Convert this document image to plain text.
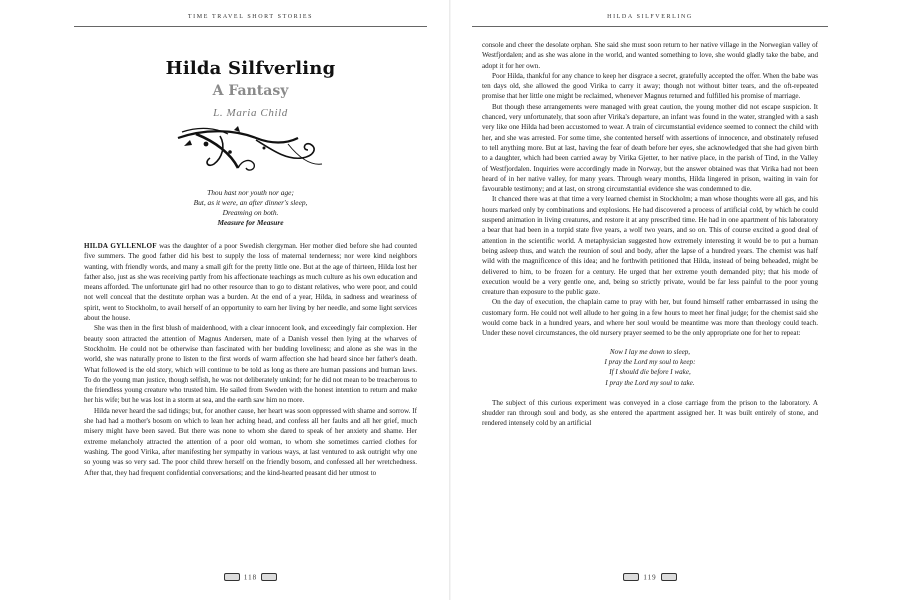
TIME TRAVEL SHORT STORIES
Hilda Silfverling
A Fantasy
L. Maria Child
Thou hast nor youth nor age;
But, as it were, an after dinner's sleep,
Dreaming on both.
Measure for Measure

HILDA GYLLENLOF was the daughter of a poor Swedish clergyman. Her mother died before she had counted five summers. The good father did his best to supply the loss of maternal tenderness; nor were kind neighbors wanting, with friendly words, and many a small gift for the pretty little one. But at the age of thirteen, Hilda lost her father also, just as she was receiving partly from his affectionate teachings as much culture as his own education and means afforded. The unfortunate girl had no other resource than to go to distant relatives, who were poor, and could not well conceal that the destitute orphan was a burden. At the end of a year, Hilda, in sadness and weariness of spirit, went to Stockholm, to avail herself of an opportunity to earn her living by her needle, and some light services about the house.

She was then in the first blush of maidenhood, with a clear innocent look, and exceedingly fair complexion. Her beauty soon attracted the attention of Magnus Andersen, mate of a Danish vessel then lying at the wharves of Stockholm. He could not be otherwise than fascinated with her budding loveliness; and alone as she was in the world, she was naturally prone to listen to the first words of warm affection she had heard since her father's death. What followed is the old story, which will continue to be told as long as there are human passions and human laws. To do the young man justice, though selfish, he was not deliberately unkind; for he did not mean to be treacherous to the friendless young creature who trusted him. He sailed from Sweden with the honest intention to return and make her his wife; but he was lost in a storm at sea, and the earth saw him no more.

Hilda never heard the sad tidings; but, for another cause, her heart was soon oppressed with shame and sorrow. If she had had a mother's bosom on which to lean her aching head, and confess all her faults and all her grief, much misery might have been saved. But there was none to whom she dared to speak of her anxiety and shame. Her extreme melancholy attracted the attention of a poor old woman, to whom she sometimes carried clothes for washing. The good Virika, after manifesting her sympathy in various ways, at last ventured to ask outright why one so young was so very sad. The poor child threw herself on the friendly bosom, and confessed all her wretchedness. After that, they had frequent confidential conversations; and the kind-hearted peasant did her utmost to

118
HILDA SILFVERLING

console and cheer the desolate orphan. She said she must soon return to her native village in the Norwegian valley of Westfjordalen; and as she was alone in the world, and wanted something to love, she would gladly take the babe, and adopt it for her own.

Poor Hilda, thankful for any chance to keep her disgrace a secret, gratefully accepted the offer. When the babe was ten days old, she allowed the good Virika to carry it away; though not without bitter tears, and the oft-repeated promise that her little one might be reclaimed, whenever Magnus returned and fulfilled his promise of marriage.

But though these arrangements were managed with great caution, the young mother did not escape suspicion. It chanced, very unfortunately, that soon after Virika's departure, an infant was found in the water, strangled with a sash very like one Hilda had been accustomed to wear. A train of circumstantial evidence seemed to connect the child with her, and she was arrested. For some time, she contented herself with assertions of innocence, and obstinately refused to tell anything more. But at last, having the fear of death before her eyes, she acknowledged that she had given birth to a daughter, which had been carried away by Virika Gjetter, to her native place, in the parish of Tind, in the Valley of Westfjordalen. Inquiries were accordingly made in Norway, but the answer obtained was that Virika had not been heard of in her native valley, for many years. Through weary months, Hilda lingered in prison, waiting in vain for favourable testimony; and at last, on strong circumstantial evidence she was condemned to die.

It chanced there was at that time a very learned chemist in Stockholm; a man whose thoughts were all gas, and his hours marked only by combinations and explosions. He had discovered a process of artificial cold, by which he could suspend animation in living creatures, and restore it at any prescribed time. He had in one apartment of his laboratory a bear that had been in a torpid state five years, a wolf two years, and so on. This of course excited a good deal of attention in the scientific world. A metaphysician suggested how extremely interesting it would be to put a human being asleep thus, and watch the reunion of soul and body, after the lapse of a hundred years. The chemist was half wild with the magnificence of this idea; and he forthwith petitioned that Hilda, instead of being beheaded, might be delivered to him, to be frozen for a century. He urged that her extreme youth demanded pity; that his mode of execution would be a very gentle one, and, being so strictly private, would be far less painful to the poor young creature than exposure to the public gaze.

On the day of execution, the chaplain came to pray with her, but found himself rather embarrassed in using the customary form. He could not well allude to her going in a few hours to meet her final judge; for the chemist said she would come back in a hundred years, and where her soul would be meantime was more than theology could teach. Under these novel circumstances, the old nursery prayer seemed to be the only appropriate one for her to repeat:

Now I lay me down to sleep,
I pray the Lord my soul to keep:
If I should die before I wake,
I pray the Lord my soul to take.

The subject of this curious experiment was conveyed in a close carriage from the prison to the laboratory. A shudder ran through soul and body, as she entered the apartment assigned her. It was built entirely of stone, and rendered intensely cold by an artificial

119
